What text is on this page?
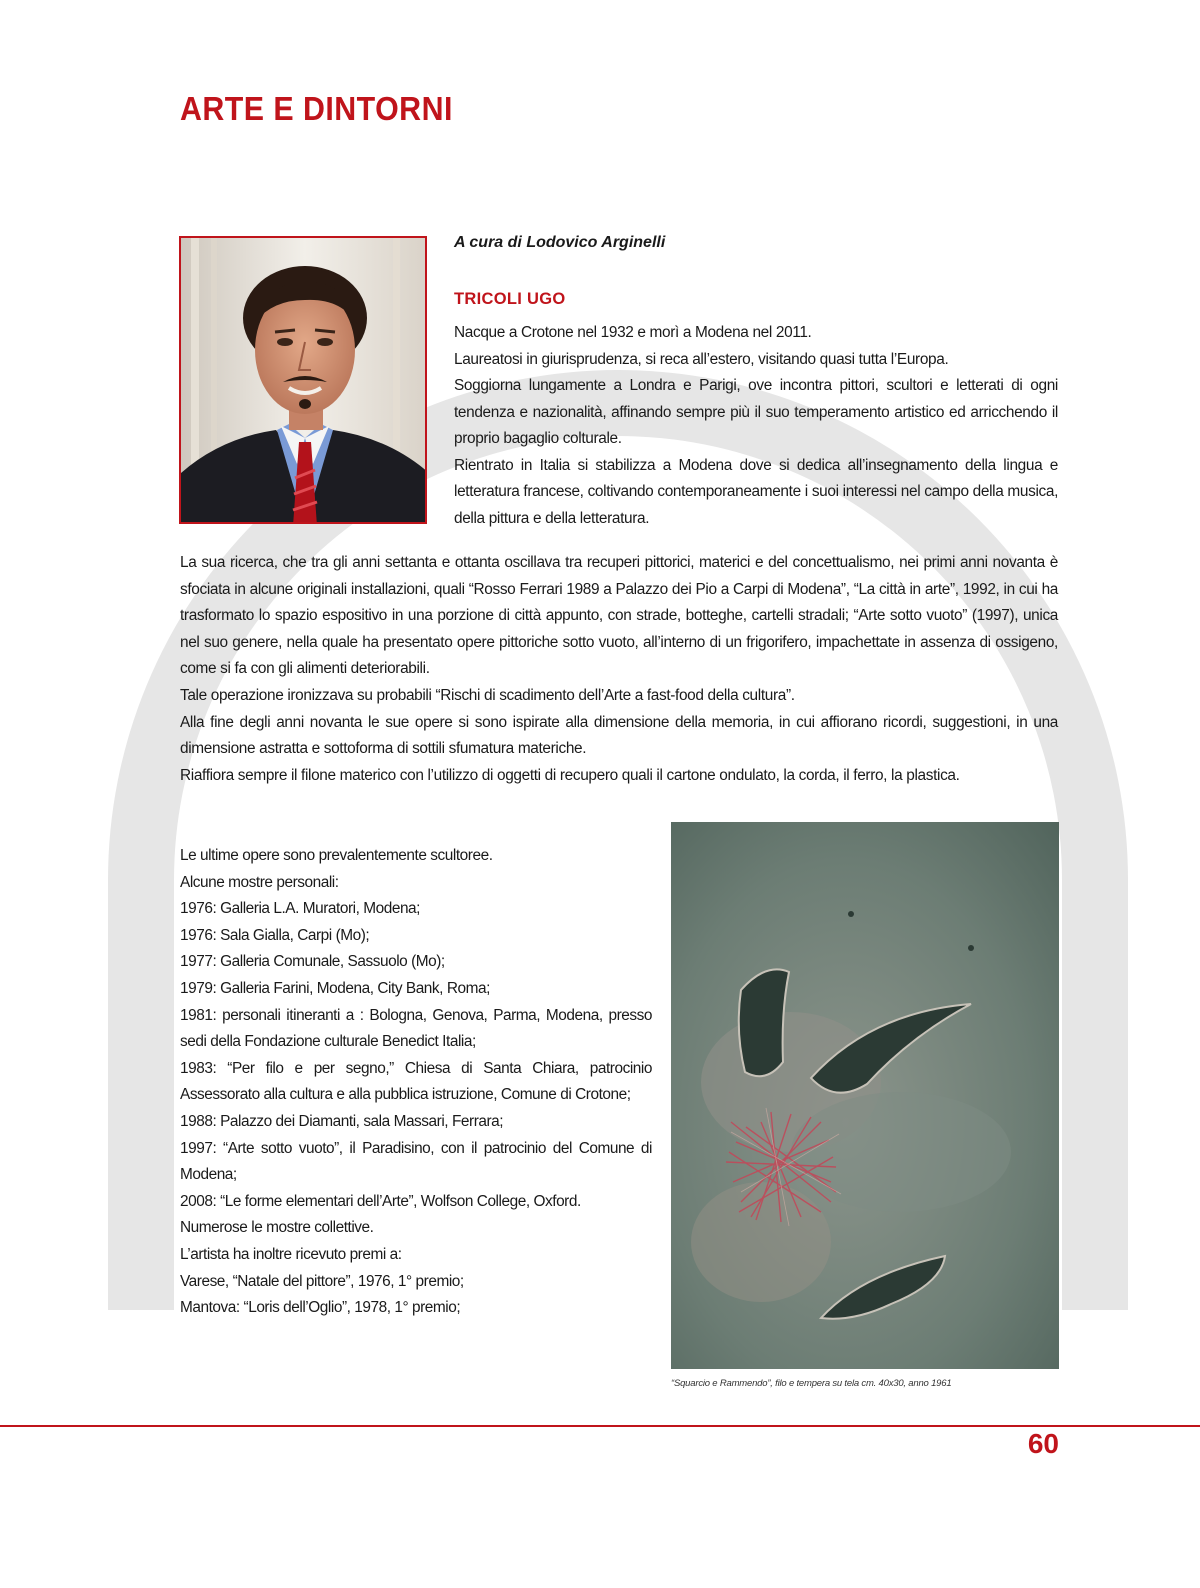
ARTE E DINTORNI

A cura di Lodovico Arginelli

TRICOLI UGO

Nacque a Crotone nel 1932 e morì a Modena nel 2011.

Laureatosi in giurisprudenza, si reca all’estero, visitando quasi tutta l’Europa.

Soggiorna lungamente a Londra e Parigi, ove incontra pittori, scultori e letterati di ogni tendenza e nazionalità, affinando sempre più il suo temperamento artistico ed arricchendo il proprio bagaglio colturale.

Rientrato in Italia si stabilizza a Modena dove si dedica all’insegnamento della lingua e letteratura francese, coltivando contemporaneamente i suoi interessi nel campo della musica, della pittura e della letteratura.

La sua ricerca, che tra gli anni settanta e ottanta oscillava tra recuperi pittorici, materici e del concettualismo, nei primi anni novanta è sfociata in alcune originali installazioni, quali “Rosso Ferrari 1989 a Palazzo dei Pio a Carpi di Modena”, “La città in arte”, 1992, in cui ha trasformato lo spazio espositivo in una porzione di città appunto, con strade, botteghe, cartelli stradali; “Arte sotto vuoto” (1997), unica nel suo genere, nella quale ha presentato opere pittoriche sotto vuoto, all’interno di un frigorifero, impachettate in assenza di ossigeno, come si fa con gli alimenti deteriorabili.

Tale operazione ironizzava su probabili “Rischi di scadimento dell’Arte a fast-food della cultura”.

Alla fine degli anni novanta le sue opere si sono ispirate alla dimensione della memoria, in cui affiorano ricordi, suggestioni, in una dimensione astratta e sottoforma di sottili sfumatura materiche.

Riaffiora sempre il filone materico con l’utilizzo di oggetti di recupero quali il cartone ondulato, la corda, il ferro, la plastica.

Le ultime opere sono prevalentemente scultoree.

Alcune mostre personali:

1976: Galleria L.A. Muratori, Modena;

1976: Sala Gialla, Carpi (Mo);

1977: Galleria Comunale, Sassuolo (Mo);

1979: Galleria Farini, Modena, City Bank, Roma;

1981: personali itineranti a : Bologna, Genova, Parma, Modena, presso sedi della Fondazione culturale Benedict Italia;

1983: “Per filo e per segno,” Chiesa di Santa Chiara, patrocinio Assessorato alla cultura e alla pubblica istruzione, Comune di Crotone;

1988: Palazzo dei Diamanti, sala Massari, Ferrara;

1997: “Arte sotto vuoto”, il Paradisino, con il patrocinio del Comune di Modena;

2008: “Le forme elementari dell’Arte”, Wolfson College, Oxford.

Numerose le mostre collettive.

L’artista ha inoltre ricevuto premi a:

Varese, “Natale del pittore”, 1976, 1° premio;

Mantova: “Loris dell’Oglio”, 1978, 1° premio;

“Squarcio e Rammendo”, filo e tempera su tela cm. 40x30, anno 1961

60
